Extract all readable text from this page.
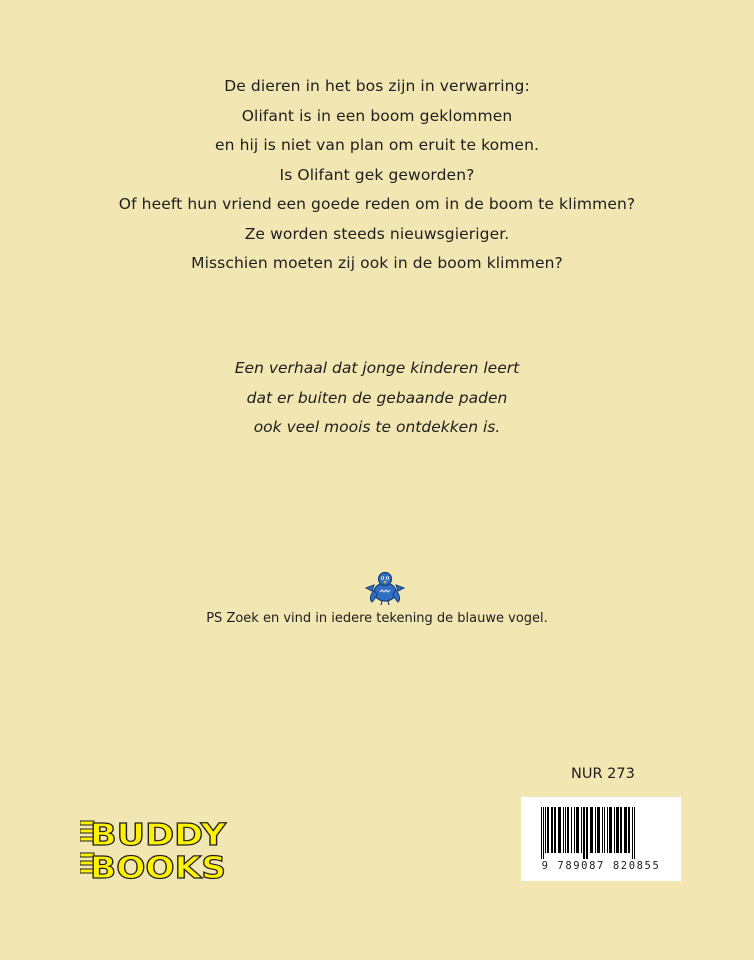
De dieren in het bos zijn in verwarring:
Olifant is in een boom geklommen
en hij is niet van plan om eruit te komen.
Is Olifant gek geworden?
Of heeft hun vriend een goede reden om in de boom te klimmen?
Ze worden steeds nieuwsgieriger.
Misschien moeten zij ook in de boom klimmen?
Een verhaal dat jonge kinderen leert
dat er buiten de gebaande paden
ook veel moois te ontdekken is.
PS Zoek en vind in iedere tekening de blauwe vogel.
NUR 273
9 789087 820855
BUDDY
BOOKS
